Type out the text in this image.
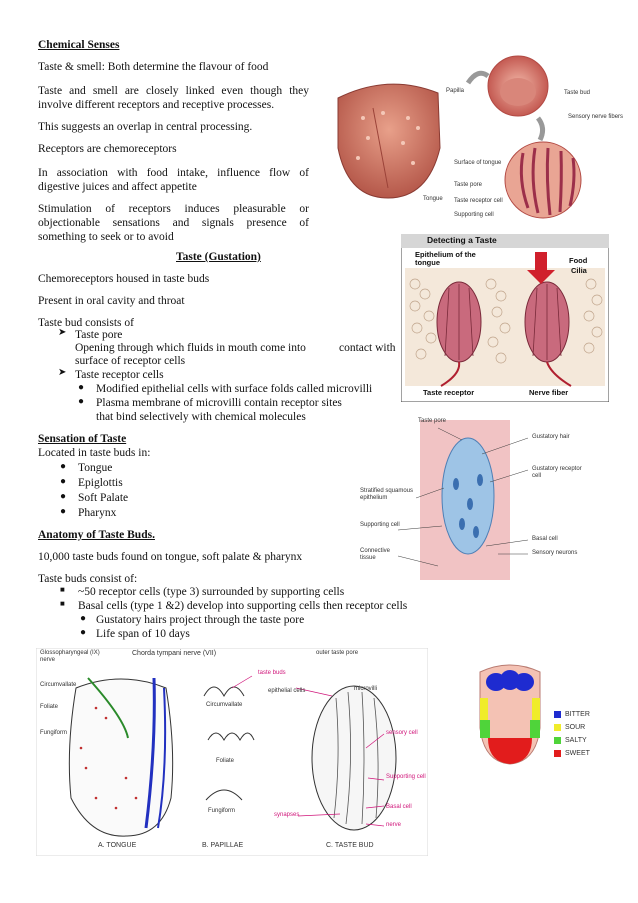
Chemical Senses
Taste & smell: Both determine the flavour of food
Taste and smell are closely linked even though they
involve different receptors and receptive processes.
This suggests an overlap in central processing.
Receptors are chemoreceptors
In association with food intake, influence flow of
digestive juices and affect appetite
Stimulation of receptors induces pleasurable or
objectionable sensations and signals presence of
something to seek or to avoid
Taste (Gustation)
Chemoreceptors housed in taste buds
Present in oral cavity and throat
Taste bud consists of
➤ Taste pore
Opening through which fluids in mouth come into	contact with
surface of receptor cells
➤ Taste receptor cells
● Modified epithelial cells with surface folds called microvilli
● Plasma membrane of microvilli contain receptor sites
that bind selectively with chemical molecules
Sensation of Taste
Located in taste buds in:
● Tongue
● Epiglottis
● Soft Palate
● Pharynx
Anatomy of Taste Buds.
10,000 taste buds found on tongue, soft palate & pharynx
Taste buds consist of:
■ ~50 receptor cells (type 3) surrounded by supporting cells
■ Basal cells (type 1 &2) develop into supporting cells then receptor cells
● Gustatory hairs project through the taste pore
● Life span of 10 days
Papilla	Taste bud
Sensory nerve fibers
Surface of tongue
Taste pore
Taste receptor cell
Supporting cell
Tongue
Detecting a Taste
Epithelium of the tongue	Food
Cilia
Taste receptor	Nerve fiber
Taste pore
Gustatory hair
Gustatory receptor cell
Stratified squamous epithelium
Supporting cell
Basal cell
Connective tissue
Sensory neurons
Glossopharyngeal (IX) nerve
Chorda tympani nerve (VII)
taste buds
outer taste pore
epithelial cells	microvilli
Circumvallate
Foliate
Fungiform
Circumvallate
Foliate
Fungiform
sensory cell
Supporting cell
Basal cell
synapses
nerve
A. TONGUE	B. PAPILLAE	C. TASTE BUD
BITTER
SOUR
SALTY
SWEET
